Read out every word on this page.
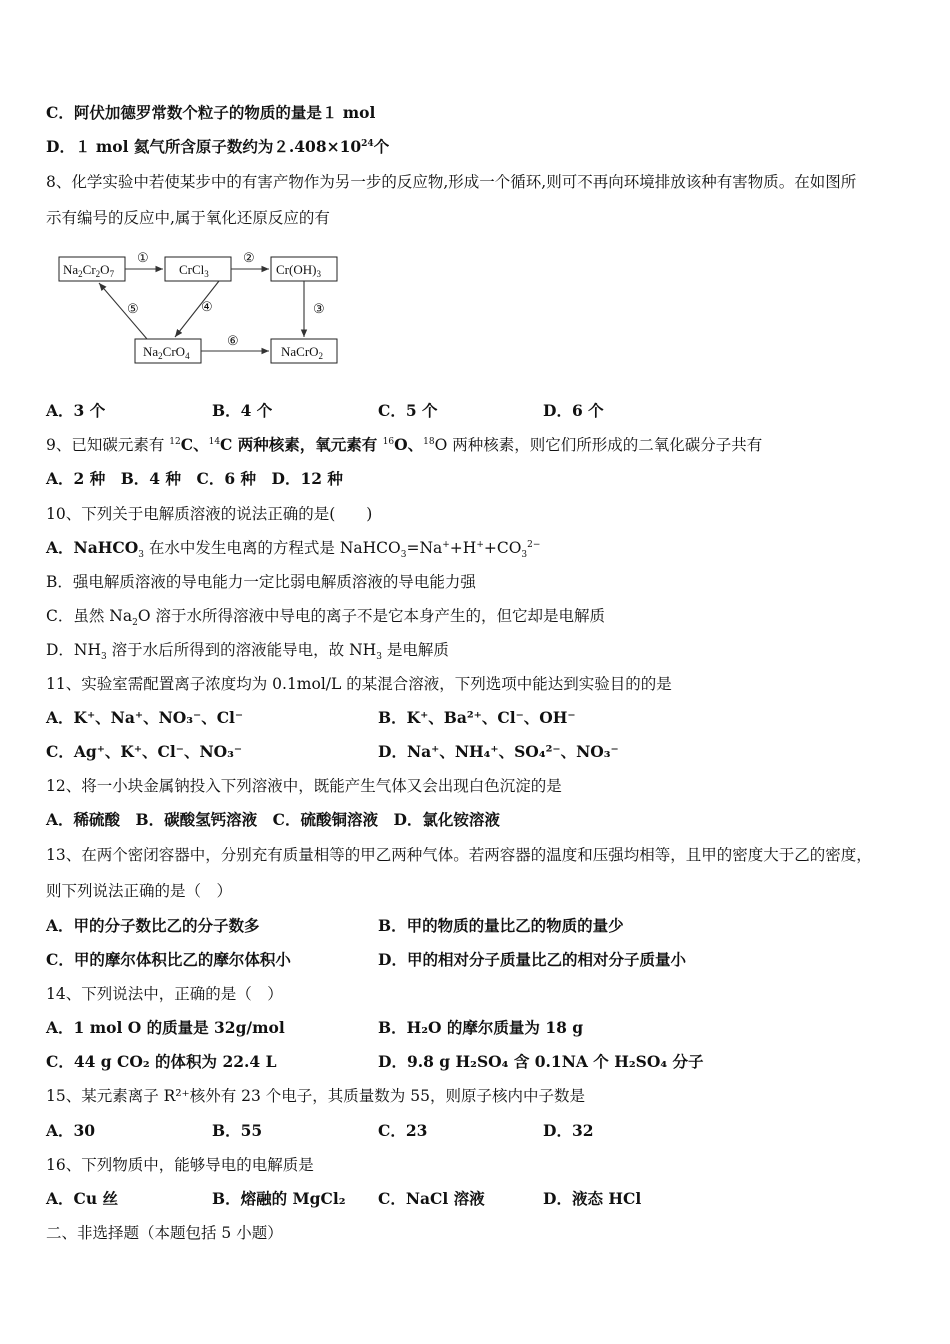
C．阿伏加德罗常数个粒子的物质的量是１ mol
D．１ mol 氦气所含原子数约为$2.408\times 10^{24}$个
8、化学实验中若使某步中的有害产物作为另一步的反应物,形成一个循环,则可不再向环境排放该种有害物质。在如图所
示有编号的反应中,属于氧化还原反应的有
$Na_2Cr_2O_7$	CrCl$_3$	$Cr(OH)_3$
$Na_2CrO_4$	NaCrO$_2$
①	②
③
④
⑤
⑥
A．3 个	B．4 个	C．5 个	D．6 个
9、已知碳元素有 $^{12}$C、$^{14}$C 两种核素，氧元素有 $^{16}$O、$^{18}$O 两种核素，则它们所形成的二氧化碳分子共有
A．2 种　B．4 种　C．6 种　D．12 种
10、下列关于电解质溶液的说法正确的是(　　)
A．NaHCO$_3$ 在水中发生电离的方程式是 $NaHCO_3=Na^++H^++CO_3^{2-}$
B．强电解质溶液的导电能力一定比弱电解质溶液的导电能力强
C．虽然 $Na_2O$ 溶于水所得溶液中导电的离子不是它本身产生的，但它却是电解质
D．$NH_3$ 溶于水后所得到的溶液能导电，故 $NH_3$ 是电解质
11、实验室需配置离子浓度均为 0.1mol/L 的某混合溶液，下列选项中能达到实验目的的是
A．K⁺、Na⁺、NO₃⁻、Cl⁻	B．K⁺、Ba²⁺、Cl⁻、OH⁻
C．Ag⁺、K⁺、Cl⁻、NO₃⁻	D．Na⁺、NH₄⁺、SO₄²⁻、NO₃⁻
12、将一小块金属钠投入下列溶液中，既能产生气体又会出现白色沉淀的是
A．稀硫酸　B．碳酸氢钙溶液　C．硫酸铜溶液　D．氯化铵溶液
13、在两个密闭容器中，分别充有质量相等的甲乙两种气体。若两容器的温度和压强均相等，且甲的密度大于乙的密度，
则下列说法正确的是（　）
A．甲的分子数比乙的分子数多	B．甲的物质的量比乙的物质的量少
C．甲的摩尔体积比乙的摩尔体积小	D．甲的相对分子质量比乙的相对分子质量小
14、下列说法中，正确的是（　）
A．1 mol O 的质量是 32g/mol	B．H₂O 的摩尔质量为 18 g
C．44 g CO₂ 的体积为 22.4 L	D．9.8 g H₂SO₄ 含 0.1NA 个 H₂SO₄ 分子
15、某元素离子 R²⁺核外有 23 个电子，其质量数为 55，则原子核内中子数是
A．30	B．55	C．23	D．32
16、下列物质中，能够导电的电解质是
A．Cu 丝	B．熔融的 MgCl₂ C．NaCl 溶液	D．液态 HCl
二、非选择题（本题包括 5 小题）
